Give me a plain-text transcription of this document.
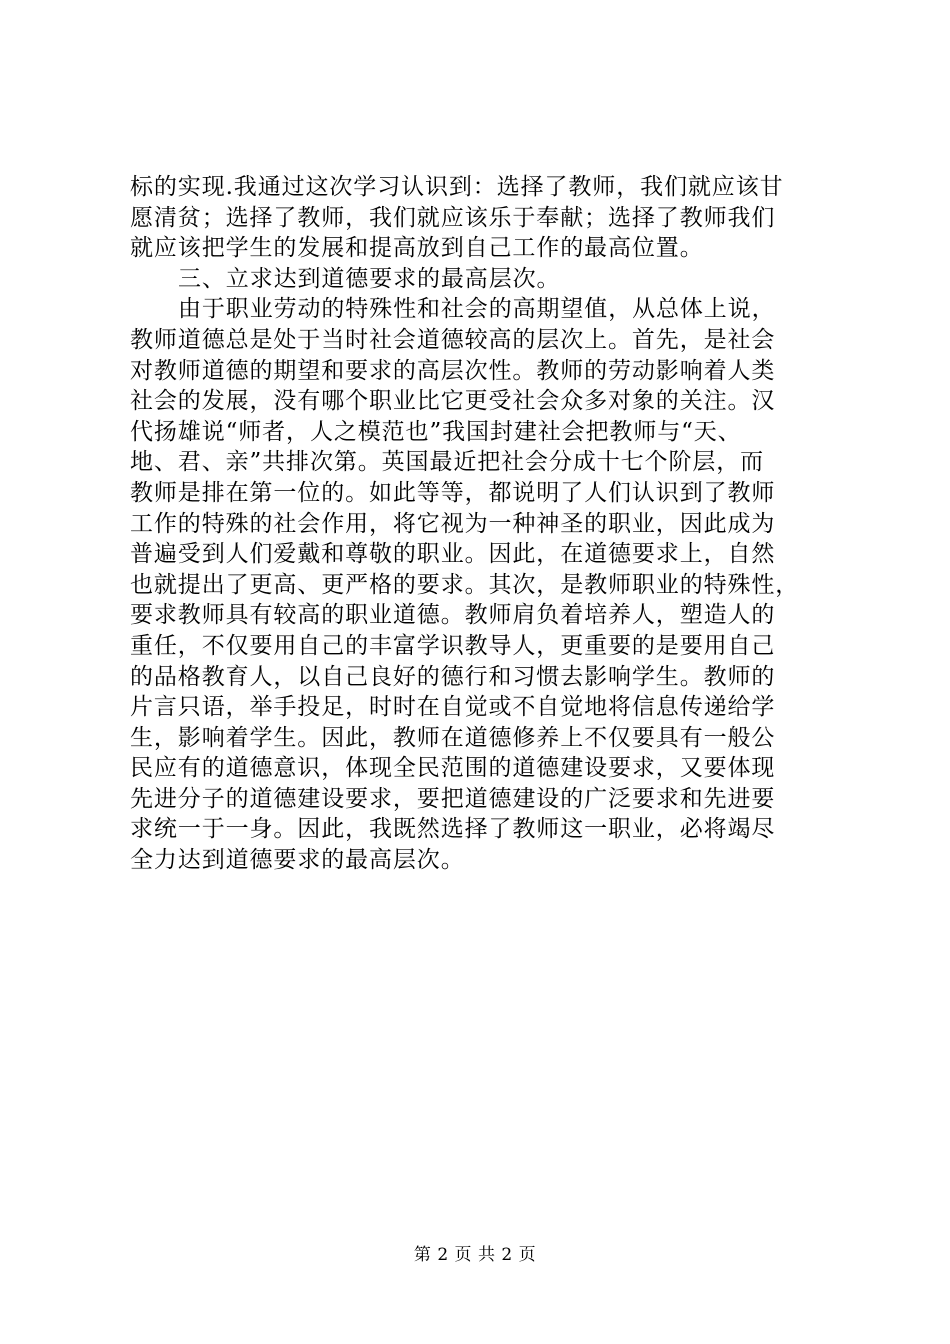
标的实现.我通过这次学习认识到：选择了教师，我们就应该甘
愿清贫；选择了教师，我们就应该乐于奉献；选择了教师我们
就应该把学生的发展和提高放到自己工作的最高位置。
三、立求达到道德要求的最高层次。
由于职业劳动的特殊性和社会的高期望值，从总体上说，
教师道德总是处于当时社会道德较高的层次上。首先，是社会
对教师道德的期望和要求的高层次性。教师的劳动影响着人类
社会的发展，没有哪个职业比它更受社会众多对象的关注。汉
代扬雄说“师者，人之模范也”我国封建社会把教师与“天、
地、君、亲”共排次第。英国最近把社会分成十七个阶层，而
教师是排在第一位的。如此等等，都说明了人们认识到了教师
工作的特殊的社会作用，将它视为一种神圣的职业，因此成为
普遍受到人们爱戴和尊敬的职业。因此，在道德要求上，自然
也就提出了更高、更严格的要求。其次，是教师职业的特殊性，
要求教师具有较高的职业道德。教师肩负着培养人，塑造人的
重任，不仅要用自己的丰富学识教导人，更重要的是要用自己
的品格教育人，以自己良好的德行和习惯去影响学生。教师的
片言只语，举手投足，时时在自觉或不自觉地将信息传递给学
生，影响着学生。因此，教师在道德修养上不仅要具有一般公
民应有的道德意识，体现全民范围的道德建设要求，又要体现
先进分子的道德建设要求，要把道德建设的广泛要求和先进要
求统一于一身。因此，我既然选择了教师这一职业，必将竭尽
全力达到道德要求的最高层次。
第 2 页 共 2 页
